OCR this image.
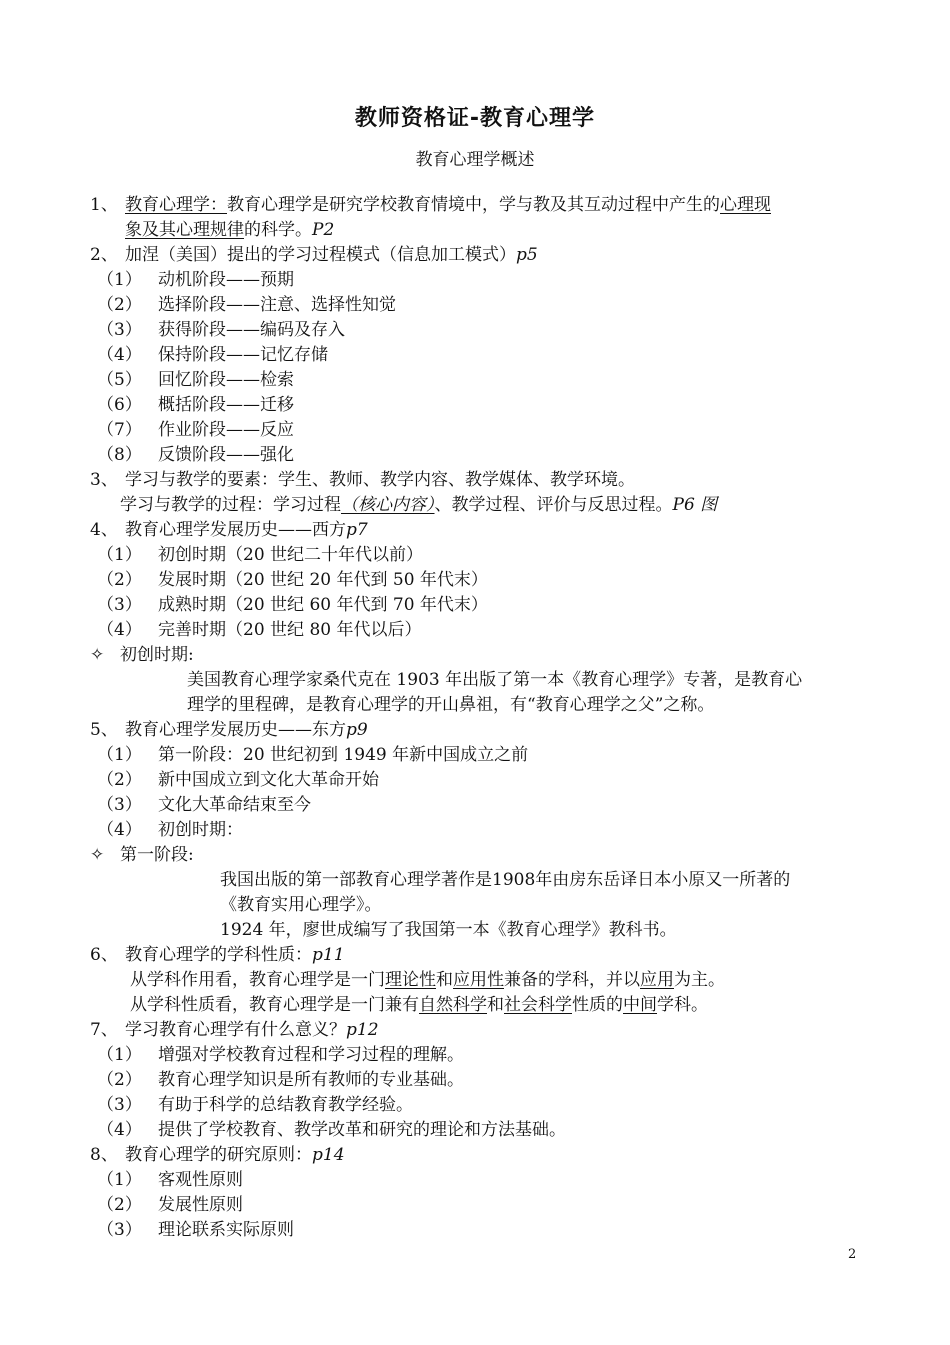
教师资格证-教育心理学
教育心理学概述
1、 教育心理学：教育心理学是研究学校教育情境中，学与教及其互动过程中产生的心理现
象及其心理规律的科学。P2
2、 加涅（美国）提出的学习过程模式（信息加工模式）p5
（1） 动机阶段——预期
（2） 选择阶段——注意、选择性知觉
（3） 获得阶段——编码及存入
（4） 保持阶段——记忆存储
（5） 回忆阶段——检索
（6） 概括阶段——迁移
（7） 作业阶段——反应
（8） 反馈阶段——强化
3、 学习与教学的要素：学生、教师、教学内容、教学媒体、教学环境。
学习与教学的过程：学习过程（核心内容）、教学过程、评价与反思过程。P6 图
4、 教育心理学发展历史——西方p7
（1） 初创时期（20 世纪二十年代以前）
（2） 发展时期（20 世纪 20 年代到 50 年代末）
（3） 成熟时期（20 世纪 60 年代到 70 年代末）
（4） 完善时期（20 世纪 80 年代以后）
✧ 初创时期:
美国教育心理学家桑代克在 1903 年出版了第一本《教育心理学》专著，是教育心
理学的里程碑，是教育心理学的开山鼻祖，有“教育心理学之父”之称。
5、 教育心理学发展历史——东方p9
（1） 第一阶段：20 世纪初到 1949 年新中国成立之前
（2） 新中国成立到文化大革命开始
（3） 文化大革命结束至今
（4） 初创时期：
✧ 第一阶段:
我国出版的第一部教育心理学著作是1908年由房东岳译日本小原又一所著的
《教育实用心理学》。
1924 年，廖世成编写了我国第一本《教育心理学》教科书。
6、 教育心理学的学科性质：p11
从学科作用看，教育心理学是一门理论性和应用性兼备的学科，并以应用为主。
从学科性质看，教育心理学是一门兼有自然科学和社会科学性质的中间学科。
7、 学习教育心理学有什么意义？p12
（1） 增强对学校教育过程和学习过程的理解。
（2） 教育心理学知识是所有教师的专业基础。
（3） 有助于科学的总结教育教学经验。
（4） 提供了学校教育、教学改革和研究的理论和方法基础。
8、 教育心理学的研究原则：p14
（1） 客观性原则
（2） 发展性原则
（3） 理论联系实际原则
2
